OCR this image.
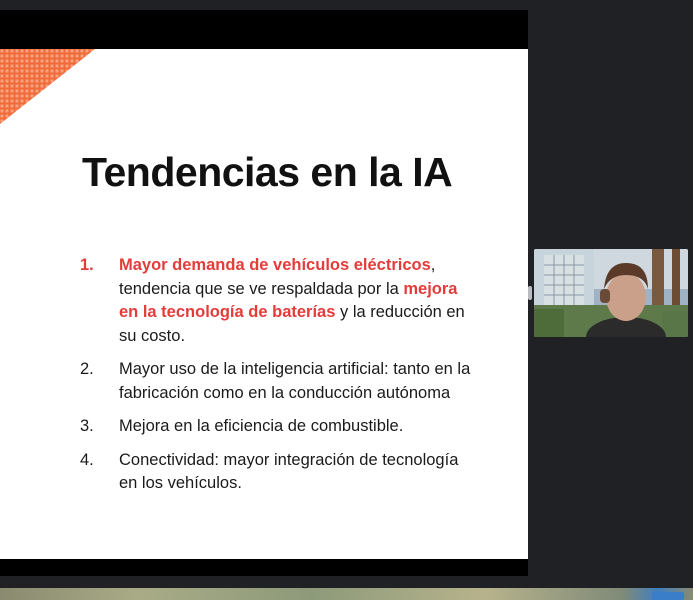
Tendencias en la IA
1.	Mayor demanda de vehículos eléctricos, tendencia que se ve respaldada por la mejora en la tecnología de baterías y la reducción en su costo.
2.	Mayor uso de la inteligencia artificial: tanto en la fabricación como en la conducción autónoma
3.	Mejora en la eficiencia de combustible.
4.	Conectividad: mayor integración de tecnología en los vehículos.
